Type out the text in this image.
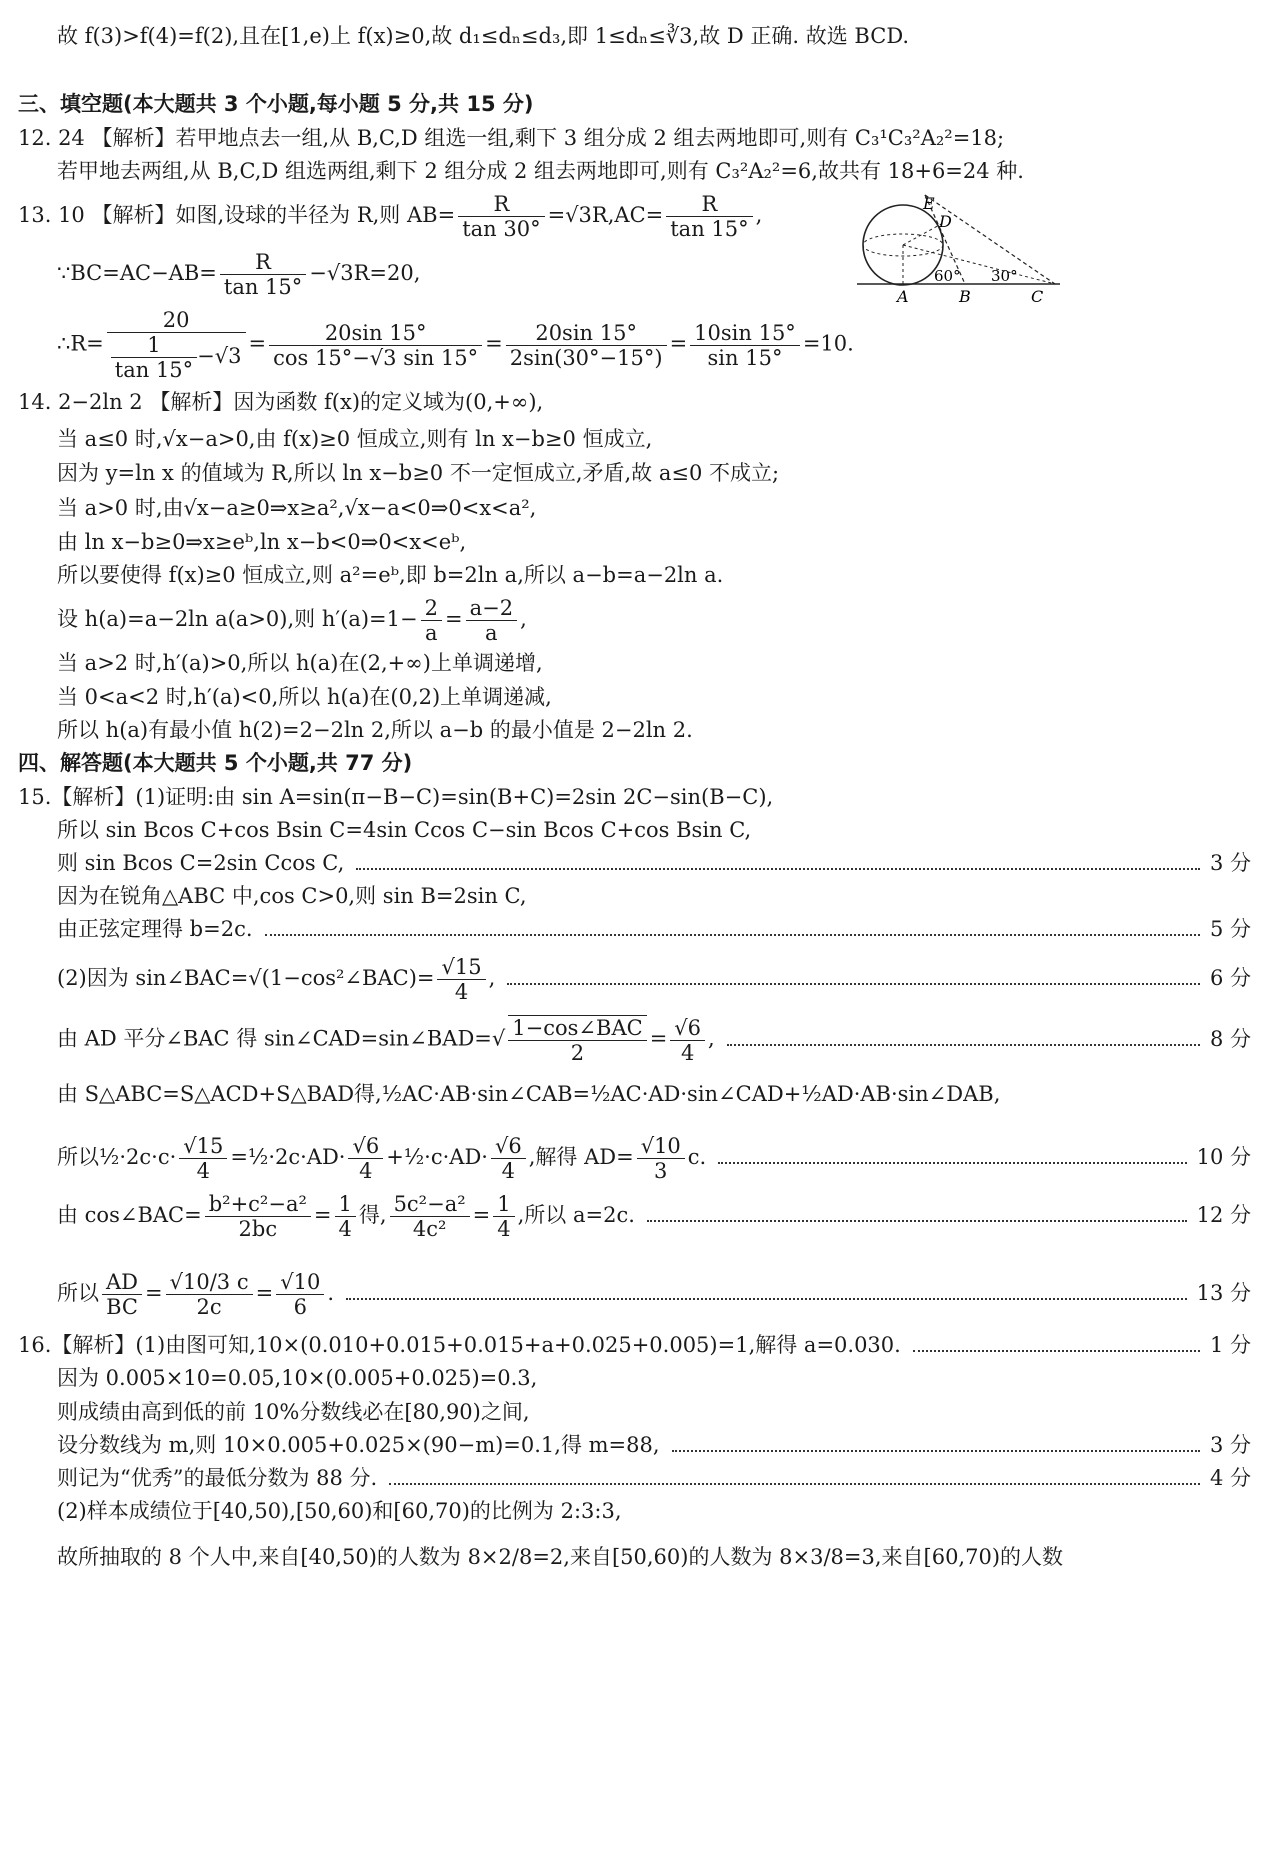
故 f(3)>f(4)=f(2),且在[1,e)上 f(x)≥0,故 d₁≤dₙ≤d₃,即 1≤dₙ≤∛3,故 D 正确. 故选 BCD.
三、填空题(本大题共 3 个小题,每小题 5 分,共 15 分)
12. 24 【解析】若甲地点去一组,从 B,C,D 组选一组,剩下 3 组分成 2 组去两地即可,则有 C₃¹C₃²A₂²=18;
若甲地去两组,从 B,C,D 组选两组,剩下 2 组分成 2 组去两地即可,则有 C₃²A₂²=6,故共有 18+6=24 种.
13. 10 【解析】如图,设球的半径为 R,则 $AB= \frac{R}{\tan 30^\circ} =√3R,AC= \frac{R}{\tan 15^\circ}$ ,
∵BC=AC−AB= $\frac{R}{\tan 15^\circ} -√3R=20$,
∴R= $\frac{20}{\frac{1}{\tan 15^\circ} -√3} = \frac{20\sin 15^\circ}{\cos 15^\circ-√3 \sin 15^\circ} = \frac{20\sin 15^\circ}{2\sin(30^\circ-15^\circ)} = \frac{10\sin 15^\circ}{\sin 15^\circ} =10$.
A	B	C
D
E
60° 30°
14. 2−2ln 2 【解析】因为函数 f(x)的定义域为(0,+∞),
当 a≤0 时,√x−a>0,由 f(x)≥0 恒成立,则有 ln x−b≥0 恒成立,
因为 y=ln x 的值域为 R,所以 ln x−b≥0 不一定恒成立,矛盾,故 a≤0 不成立;
当 a>0 时,由√x−a≥0⇒x≥a²,√x−a<0⇒0<x<a²,
由 ln x−b≥0⇒x≥eᵇ,ln x−b<0⇒0<x<eᵇ,
所以要使得 f(x)≥0 恒成立,则 a²=eᵇ,即 b=2ln a,所以 a−b=a−2ln a.
设 h(a)=a−2ln a(a>0),则 $h'(a)=1- \frac{2}{a} = \frac{a-2}{a}$ ,
当 a>2 时,h′(a)>0,所以 h(a)在(2,+∞)上单调递增,
当 0<a<2 时,h′(a)<0,所以 h(a)在(0,2)上单调递减,
所以 h(a)有最小值 h(2)=2−2ln 2,所以 a−b 的最小值是 2−2ln 2.
四、解答题(本大题共 5 个小题,共 77 分)
15.【解析】(1)证明:由 sin A=sin(π−B−C)=sin(B+C)=2sin 2C−sin(B−C),
所以 sin Bcos C+cos Bsin C=4sin Ccos C−sin Bcos C+cos Bsin C,
则 sin Bcos C=2sin Ccos C,	3 分
因为在锐角△ABC 中,cos C>0,则 sin B=2sin C,
由正弦定理得 b=2c.	5 分
(2)因为 sin∠BAC=√(1−cos²∠BAC)= $\frac{√15}{4}$ ,	6 分
由 AD 平分∠BAC 得 sin∠CAD=sin∠BAD=√ $\frac{\text{1−cos∠BAC}}{2} = \frac{√6}{4}$ ,	8 分
由 S△ABC=S△ACD+S△BAD得,½AC·AB·sin∠CAB=½AC·AD·sin∠CAD+½AD·AB·sin∠DAB,
所以½·2c·c· $\frac{√15}{4}$ =½·2c·AD· $\frac{√6}{4}$ +½·c·AD· $\frac{√6}{4}$ ,解得 $AD= \frac{√10}{3} c$.	10 分
由 cos∠BAC= $\frac{\text{b²+c²−a²}}{2bc} = \frac{1}{4}$ 得, $\frac{\text{5c²−a²}}{\text{4c²}} = \frac{1}{4}$ ,所以 a=2c.	12 分
所以 $\frac{AD}{BC} = \frac{√10/3 c}{2c} = \frac{√10}{6}$ .	13 分
16.【解析】(1)由图可知,10×(0.010+0.015+0.015+a+0.025+0.005)=1,解得 a=0.030.	1 分
因为 0.005×10=0.05,10×(0.005+0.025)=0.3,
则成绩由高到低的前 10%分数线必在[80,90)之间,
设分数线为 m,则 10×0.005+0.025×(90−m)=0.1,得 m=88,	3 分
则记为“优秀”的最低分数为 88 分.	4 分
(2)样本成绩位于[40,50),[50,60)和[60,70)的比例为 2:3:3,
故所抽取的 8 个人中,来自[40,50)的人数为 8×2/8=2,来自[50,60)的人数为 8×3/8=3,来自[60,70)的人数
